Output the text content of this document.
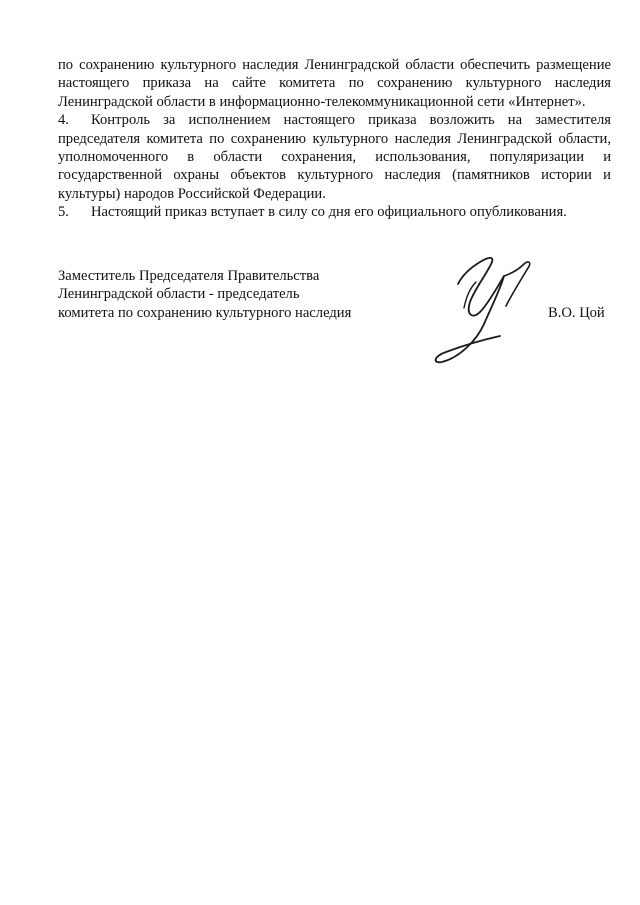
по сохранению культурного наследия Ленинградской области обеспечить размещение настоящего приказа на сайте комитета по сохранению культурного наследия Ленинградской области в информационно-телекоммуникационной сети «Интернет».

4. Контроль за исполнением настоящего приказа возложить на заместителя председателя комитета по сохранению культурного наследия Ленинградской области, уполномоченного в области сохранения, использования, популяризации и государственной охраны объектов культурного наследия (памятников истории и культуры) народов Российской Федерации.

5. Настоящий приказ вступает в силу со дня его официального опубликования.

Заместитель Председателя Правительства
Ленинградской области - председатель
комитета по сохранению культурного наследия	В.О. Цой
